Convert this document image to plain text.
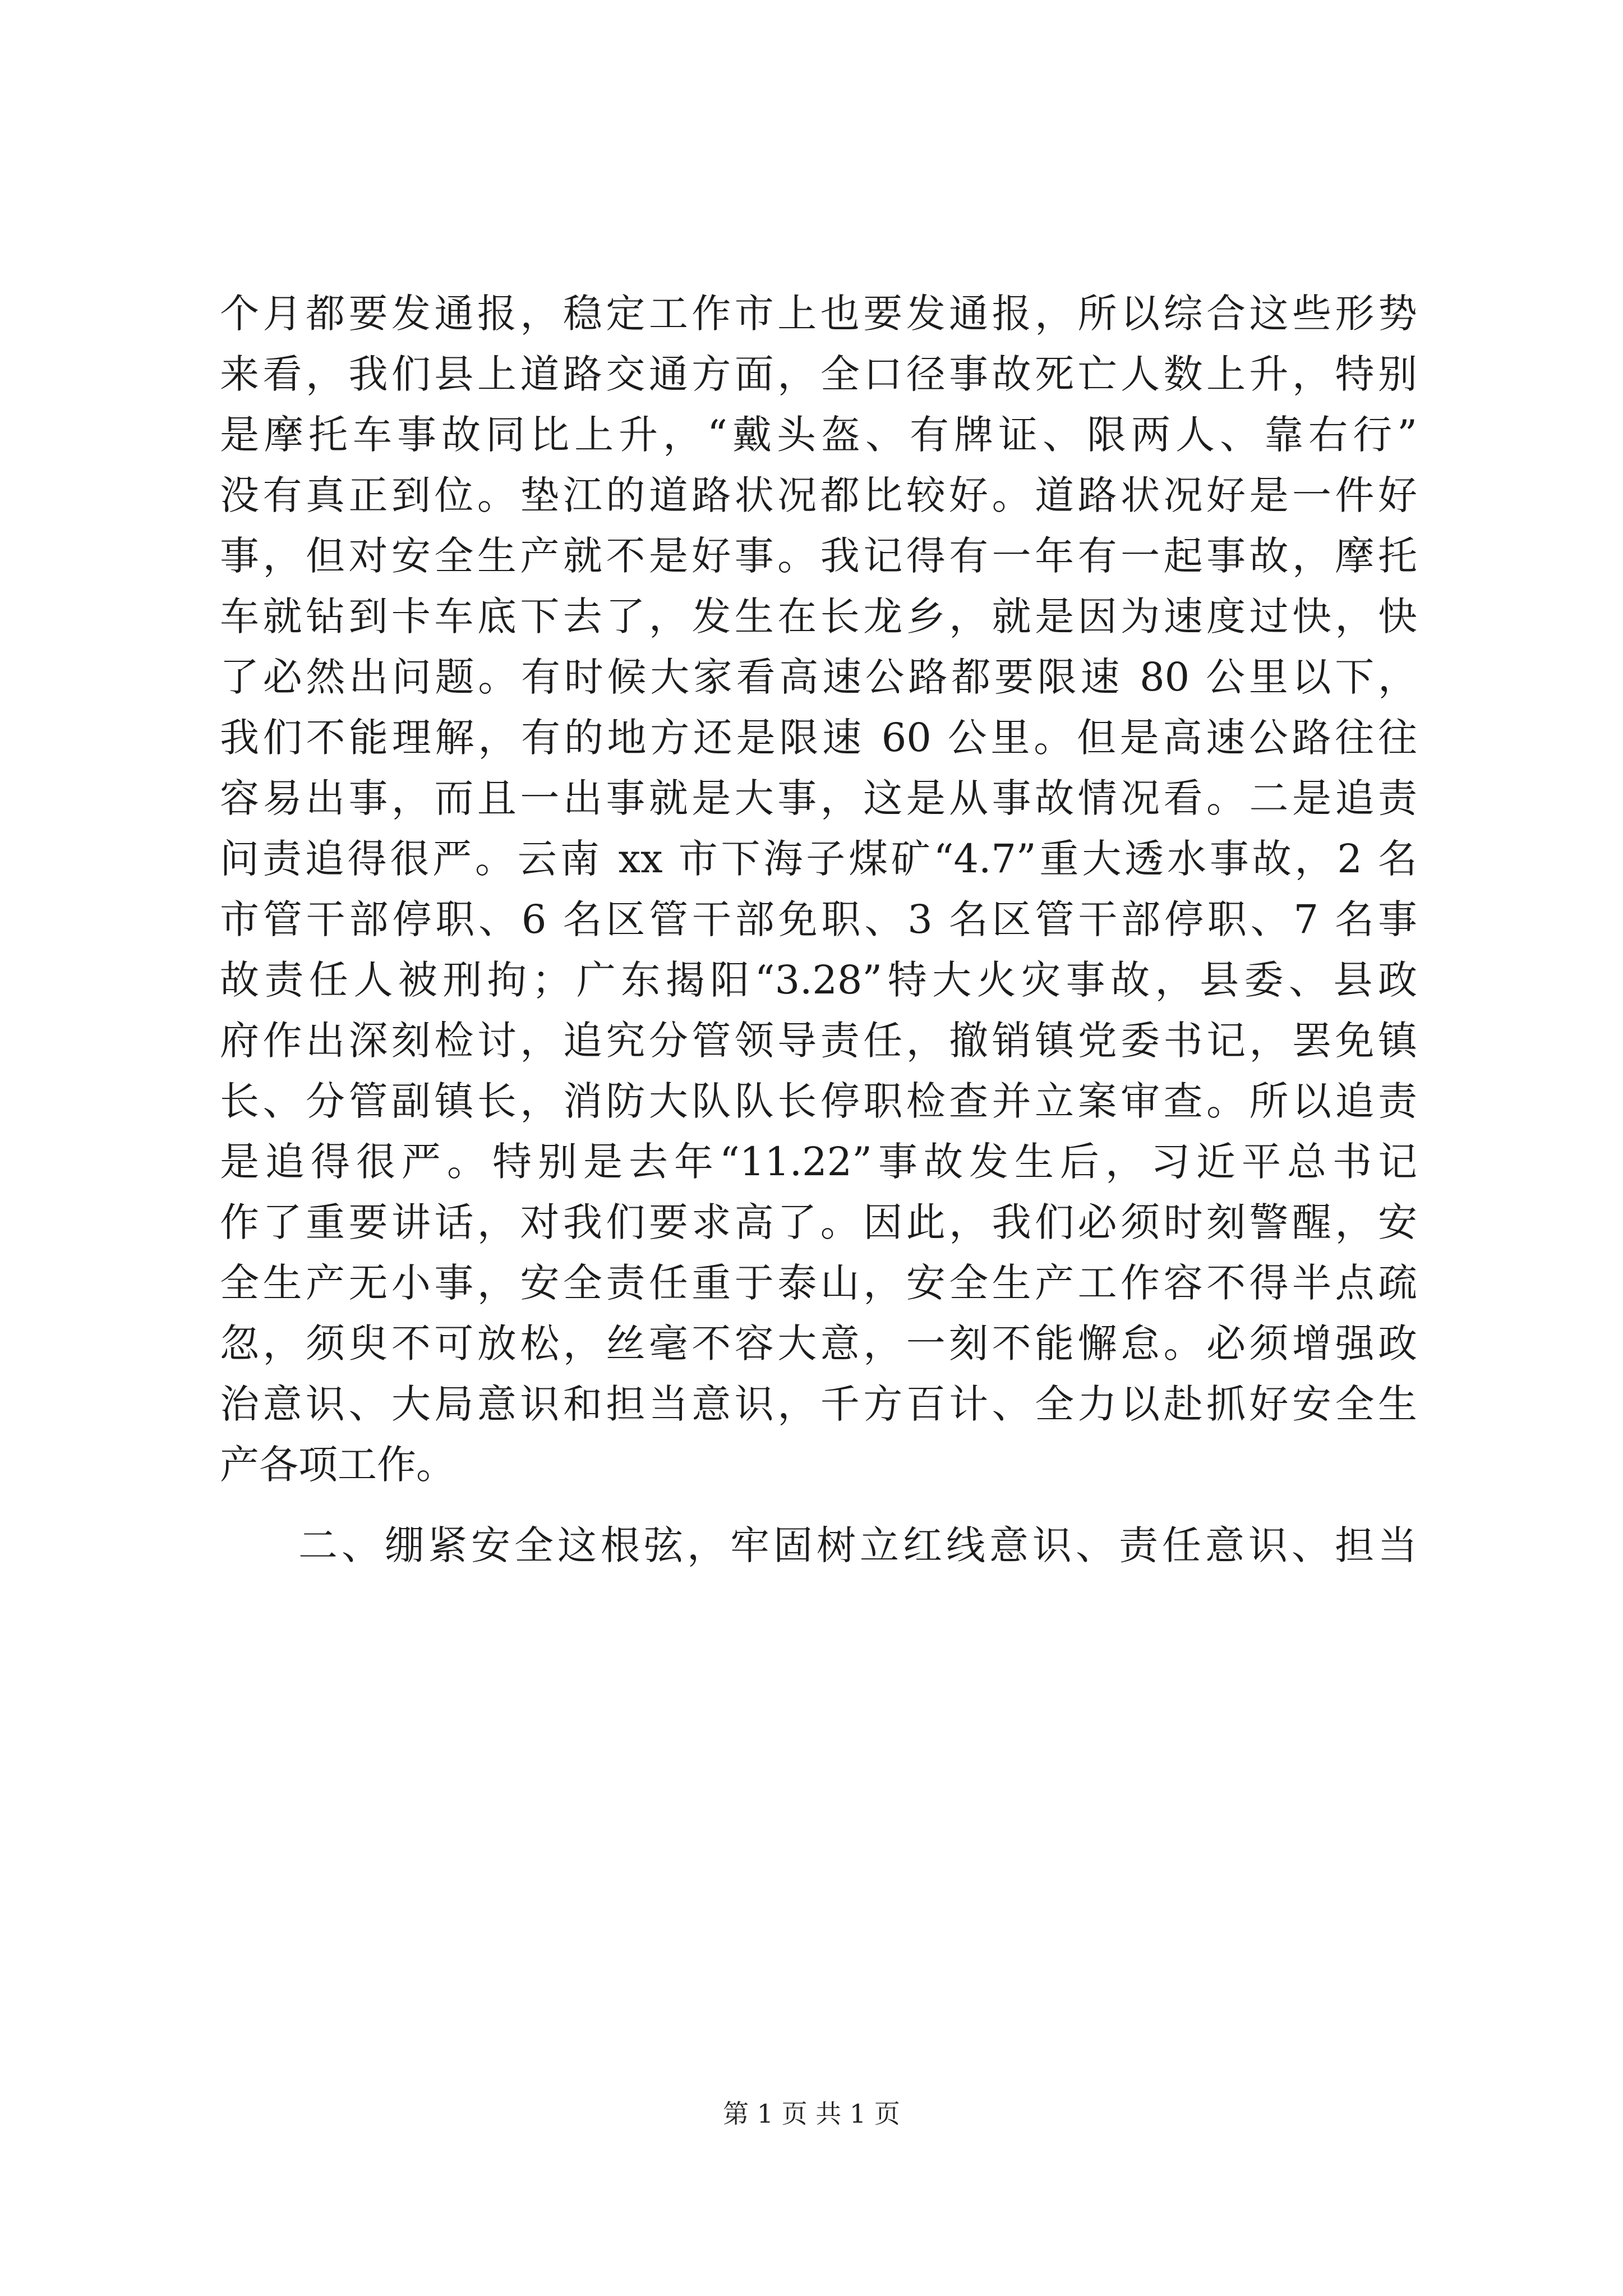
个月都要发通报，稳定工作市上也要发通报，所以综合这些形势
来看，我们县上道路交通方面，全口径事故死亡人数上升，特别
是摩托车事故同比上升，“戴头盔、有牌证、限两人、靠右行”
没有真正到位。垫江的道路状况都比较好。道路状况好是一件好
事，但对安全生产就不是好事。我记得有一年有一起事故，摩托
车就钻到卡车底下去了，发生在长龙乡，就是因为速度过快，快
了必然出问题。有时候大家看高速公路都要限速 80 公里以下，
我们不能理解，有的地方还是限速 60 公里。但是高速公路往往
容易出事，而且一出事就是大事，这是从事故情况看。二是追责
问责追得很严。云南 xx 市下海子煤矿“4.7”重大透水事故，2 名
市管干部停职、6 名区管干部免职、3 名区管干部停职、7 名事
故责任人被刑拘；广东揭阳“3.28”特大火灾事故，县委、县政
府作出深刻检讨，追究分管领导责任，撤销镇党委书记，罢免镇
长、分管副镇长，消防大队队长停职检查并立案审查。所以追责
是追得很严。特别是去年“11.22”事故发生后，习近平总书记
作了重要讲话，对我们要求高了。因此，我们必须时刻警醒，安
全生产无小事，安全责任重于泰山，安全生产工作容不得半点疏
忽，须臾不可放松，丝毫不容大意，一刻不能懈怠。必须增强政
治意识、大局意识和担当意识，千方百计、全力以赴抓好安全生
产各项工作。
二、绷紧安全这根弦，牢固树立红线意识、责任意识、担当
第 1 页 共 1 页
